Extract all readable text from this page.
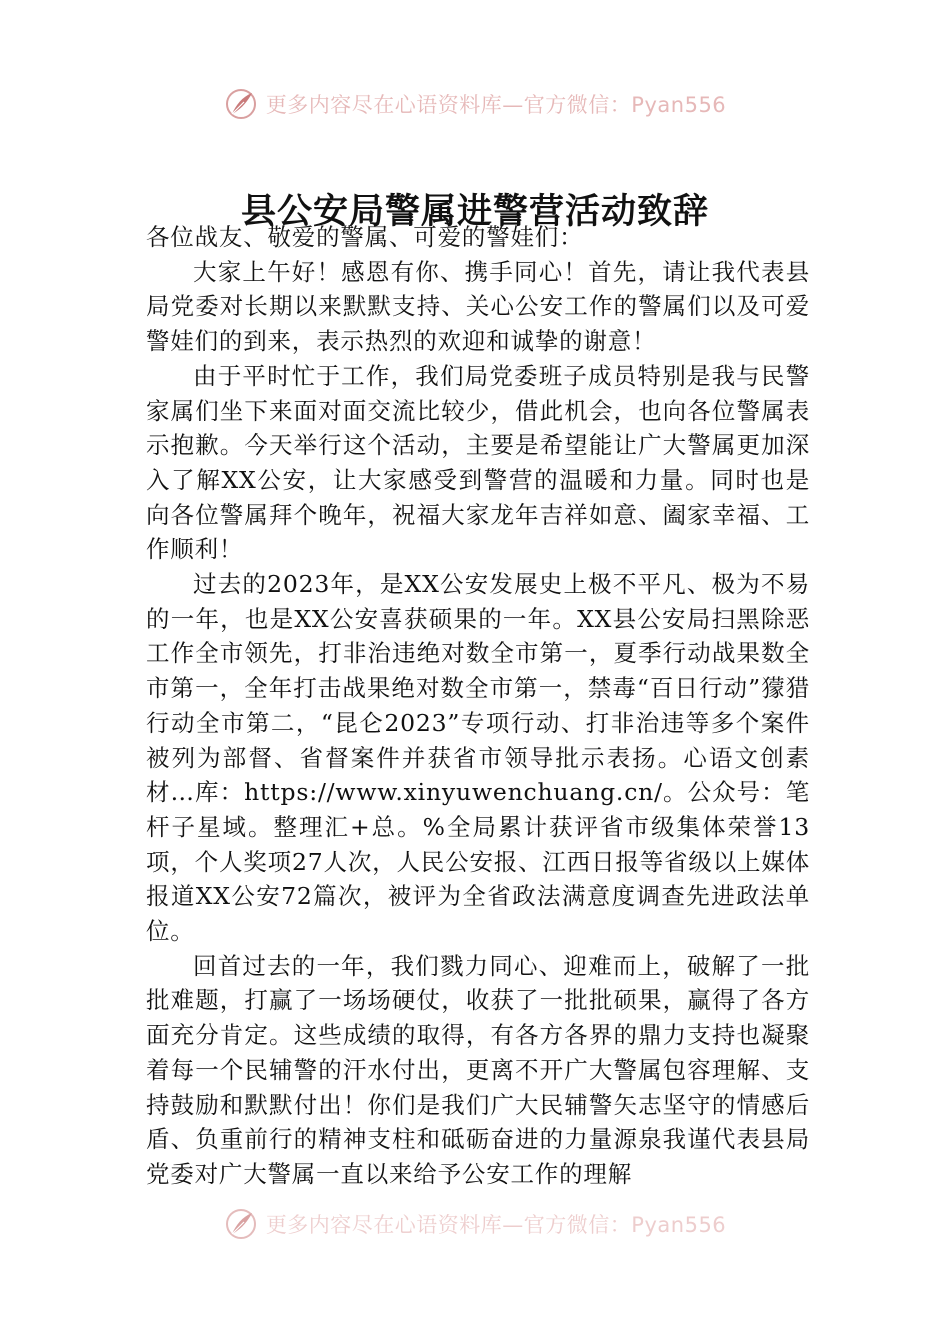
更多内容尽在心语资料库—官方微信：Pyan556
县公安局警属进警营活动致辞

各位战友、敬爱的警属、可爱的警娃们：

大家上午好！感恩有你、携手同心！首先，请让我代表县局党委对长期以来默默支持、关心公安工作的警属们以及可爱警娃们的到来，表示热烈的欢迎和诚挚的谢意！

由于平时忙于工作，我们局党委班子成员特别是我与民警家属们坐下来面对面交流比较少，借此机会，也向各位警属表示抱歉。今天举行这个活动，主要是希望能让广大警属更加深入了解XX公安，让大家感受到警营的温暖和力量。同时也是向各位警属拜个晚年，祝福大家龙年吉祥如意、阖家幸福、工作顺利！

过去的2023年，是XX公安发展史上极不平凡、极为不易的一年，也是XX公安喜获硕果的一年。XX县公安局扫黑除恶工作全市领先，打非治违绝对数全市第一，夏季行动战果数全市第一，全年打击战果绝对数全市第一，禁毒“百日行动”獴猎行动全市第二，“昆仑2023”专项行动、打非治违等多个案件被列为部督、省督案件并获省市领导批示表扬。心语文创素材…库：https://www.xinyuwenchuang.cn/。公众号：笔杆子星域。整理汇+总。%全局累计获评省市级集体荣誉13项，个人奖项27人次，人民公安报、江西日报等省级以上媒体报道XX公安72篇次，被评为全省政法满意度调查先进政法单位。

回首过去的一年，我们戮力同心、迎难而上，破解了一批批难题，打赢了一场场硬仗，收获了一批批硕果，赢得了各方面充分肯定。这些成绩的取得，有各方各界的鼎力支持也凝聚着每一个民辅警的汗水付出，更离不开广大警属包容理解、支持鼓励和默默付出！你们是我们广大民辅警矢志坚守的情感后盾、负重前行的精神支柱和砥砺奋进的力量源泉我谨代表县局党委对广大警属一直以来给予公安工作的理解

更多内容尽在心语资料库—官方微信：Pyan556
